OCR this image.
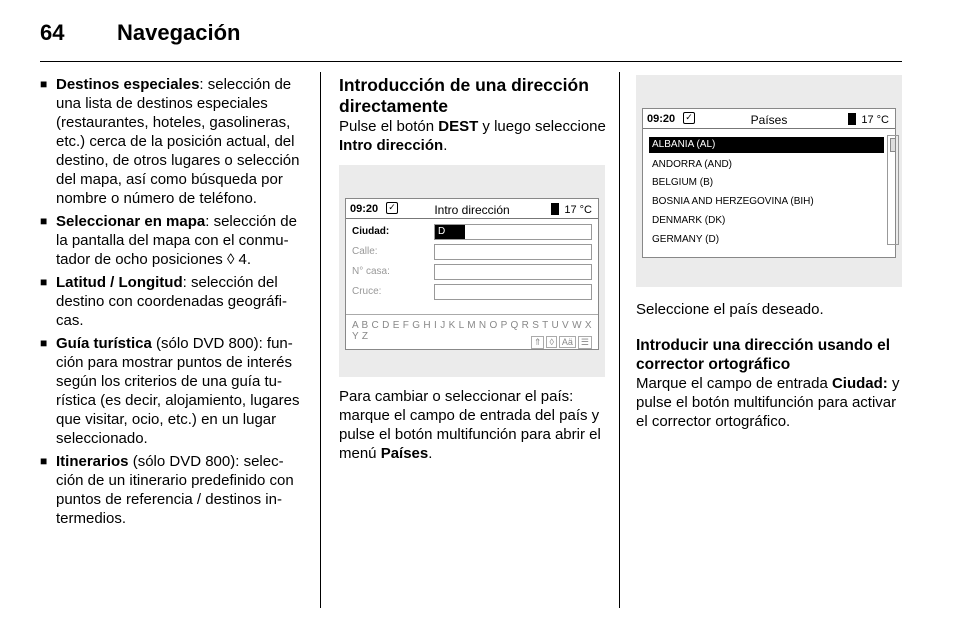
64 Navegación
■ Destinos especiales: selección de una lista de destinos especiales (restaurantes, hoteles, gasolineras, etc.) cerca de la posición actual, del destino, de otros lugares o selección del mapa, así como búsqueda por nombre o número de teléfono.
■ Seleccionar en mapa: selección de la pantalla del mapa con el conmutador de ocho posiciones ◊ 4.
■ Latitud / Longitud: selección del destino con coordenadas geográficas.
■ Guía turística (sólo DVD 800): función para mostrar puntos de interés según los criterios de una guía turística (es decir, alojamiento, lugares que visitar, ocio, etc.) en un lugar seleccionado.
■ Itinerarios (sólo DVD 800): selección de un itinerario predefinido con puntos de referencia / destinos intermedios.
Introducción de una dirección directamente
Pulse el botón DEST y luego seleccione Intro dirección.
09:20 ✓	Intro dirección	17 °C
Ciudad:	D
Calle:
N° casa:
Cruce:
A B C D E F G H I J K L M N O P Q R S T U V W X Y Z	⇑ ◊ Aä ☰
Para cambiar o seleccionar el país: marque el campo de entrada del país y pulse el botón multifunción para abrir el menú Países.
09:20 ✓	Países	17 °C
ALBANIA (AL)
ANDORRA (AND)
BELGIUM (B)
BOSNIA AND HERZEGOVINA (BIH)
DENMARK (DK)
GERMANY (D)
Seleccione el país deseado.
Introducir una dirección usando el corrector ortográfico
Marque el campo de entrada Ciudad: y pulse el botón multifunción para activar el corrector ortográfico.
